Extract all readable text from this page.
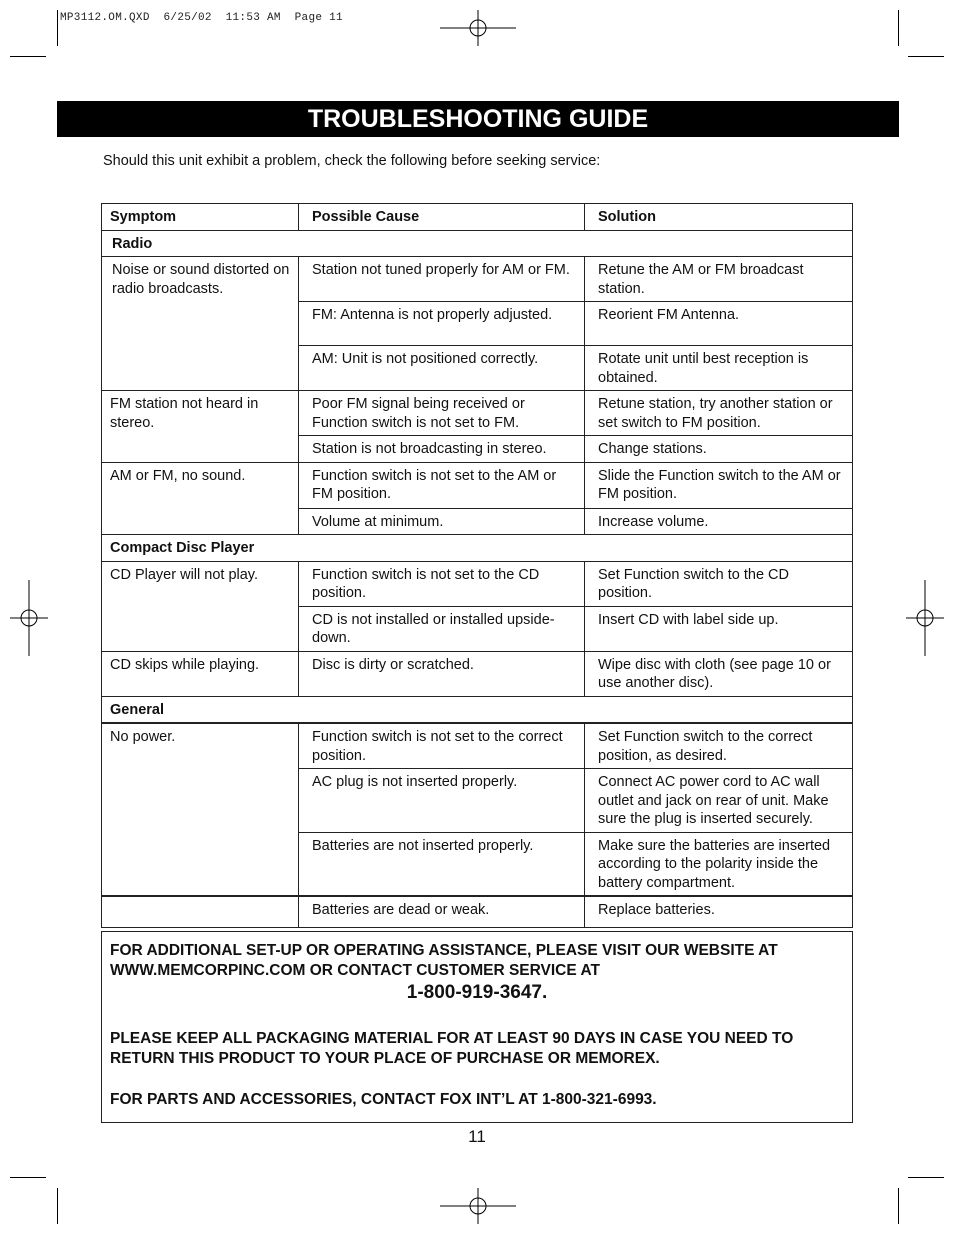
MP3112.OM.QXD  6/25/02  11:53 AM  Page 11
TROUBLESHOOTING GUIDE
Should this unit exhibit a problem, check the following before seeking service:
Symptom	Possible Cause	Solution
Radio		
Noise or sound distorted on radio broadcasts.	Station not tuned properly for AM or FM.	Retune the AM or FM broadcast station.
	FM: Antenna is not properly adjusted.	Reorient FM Antenna.
	AM: Unit is not positioned correctly.	Rotate unit until best reception is obtained.
FM station not heard in stereo.	Poor FM signal being received or Function switch is not set to FM.	Retune station, try another station or set switch to FM position.
	Station is not broadcasting in stereo.	Change stations.
AM or FM, no sound.	Function switch is not set to the AM or FM position.	Slide the Function switch to the AM or FM position.
	Volume at minimum.	Increase volume.
Compact Disc Player		
CD Player will not play.	Function switch is not set to the CD position.	Set Function switch to the CD position.
	CD is not installed or installed upside-down.	Insert CD with label side up.
CD skips while playing.	Disc is dirty or scratched.	Wipe disc with cloth (see page 10 or use another disc).
General		
No power.	Function switch is not set to the correct position.	Set Function switch to the correct position, as desired.
	AC plug is not inserted properly.	Connect AC power cord to AC wall outlet and jack on rear of unit. Make sure the plug is inserted securely.
	Batteries are not inserted properly.	Make sure the batteries are inserted according to the polarity inside the battery compartment.
	Batteries are dead or weak.	Replace batteries.
FOR ADDITIONAL SET-UP OR OPERATING ASSISTANCE, PLEASE VISIT OUR WEBSITE AT WWW.MEMCORPINC.COM OR CONTACT CUSTOMER SERVICE AT
1-800-919-3647.
PLEASE KEEP ALL PACKAGING MATERIAL FOR AT LEAST 90 DAYS IN CASE YOU NEED TO RETURN THIS PRODUCT TO YOUR PLACE OF PURCHASE OR MEMOREX.
FOR PARTS AND ACCESSORIES, CONTACT FOX INT’L AT 1-800-321-6993.
11
